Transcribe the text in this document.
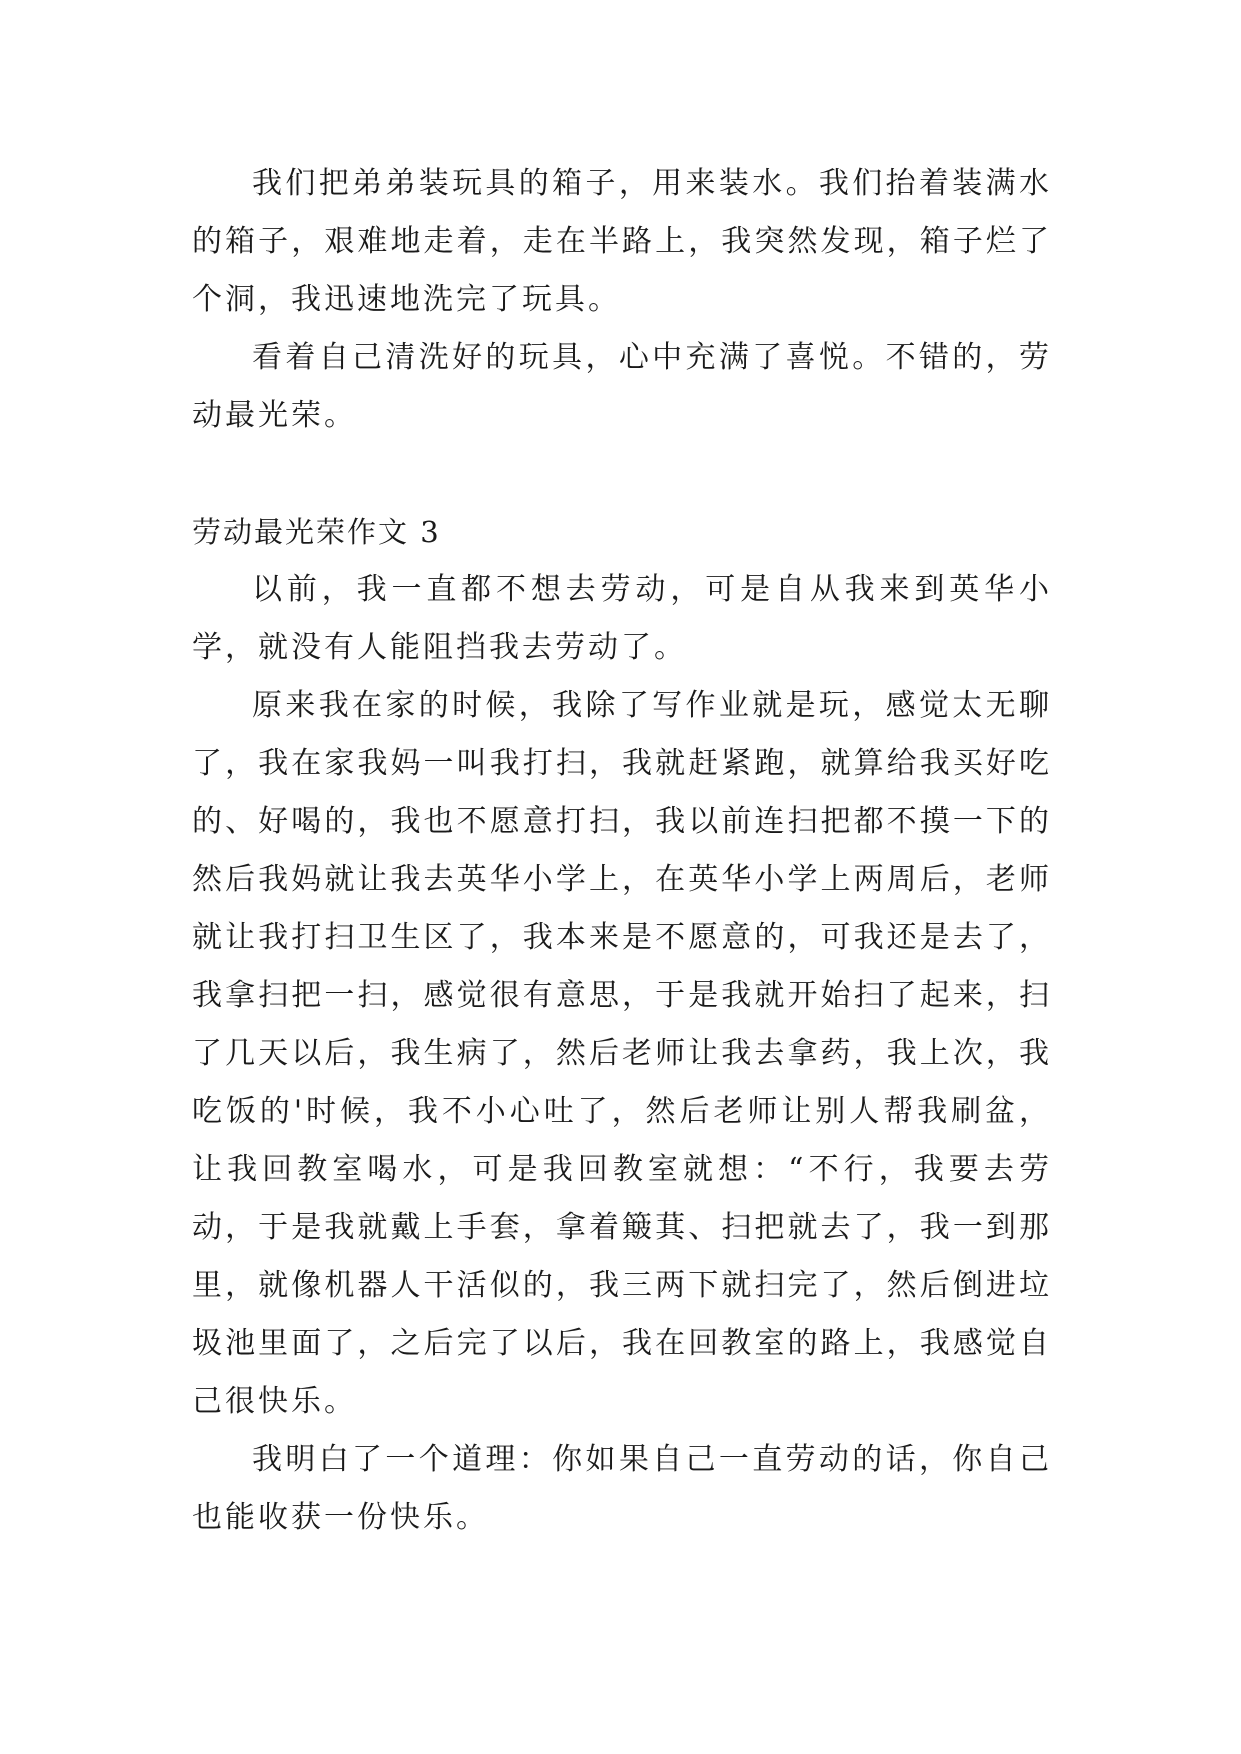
我们把弟弟装玩具的箱子，用来装水。我们抬着装满水的箱子，艰难地走着，走在半路上，我突然发现，箱子烂了个洞，我迅速地洗完了玩具。

看着自己清洗好的玩具，心中充满了喜悦。不错的，劳动最光荣。

劳动最光荣作文 3

以前，我一直都不想去劳动，可是自从我来到英华小学，就没有人能阻挡我去劳动了。

原来我在家的时候，我除了写作业就是玩，感觉太无聊了，我在家我妈一叫我打扫，我就赶紧跑，就算给我买好吃的、好喝的，我也不愿意打扫，我以前连扫把都不摸一下的然后我妈就让我去英华小学上，在英华小学上两周后，老师就让我打扫卫生区了，我本来是不愿意的，可我还是去了，我拿扫把一扫，感觉很有意思，于是我就开始扫了起来，扫了几天以后，我生病了，然后老师让我去拿药，我上次，我吃饭的'时候，我不小心吐了，然后老师让别人帮我刷盆，让我回教室喝水，可是我回教室就想：“不行，我要去劳动，于是我就戴上手套，拿着簸萁、扫把就去了，我一到那里，就像机器人干活似的，我三两下就扫完了，然后倒进垃圾池里面了，之后完了以后，我在回教室的路上，我感觉自己很快乐。

我明白了一个道理：你如果自己一直劳动的话，你自己也能收获一份快乐。
